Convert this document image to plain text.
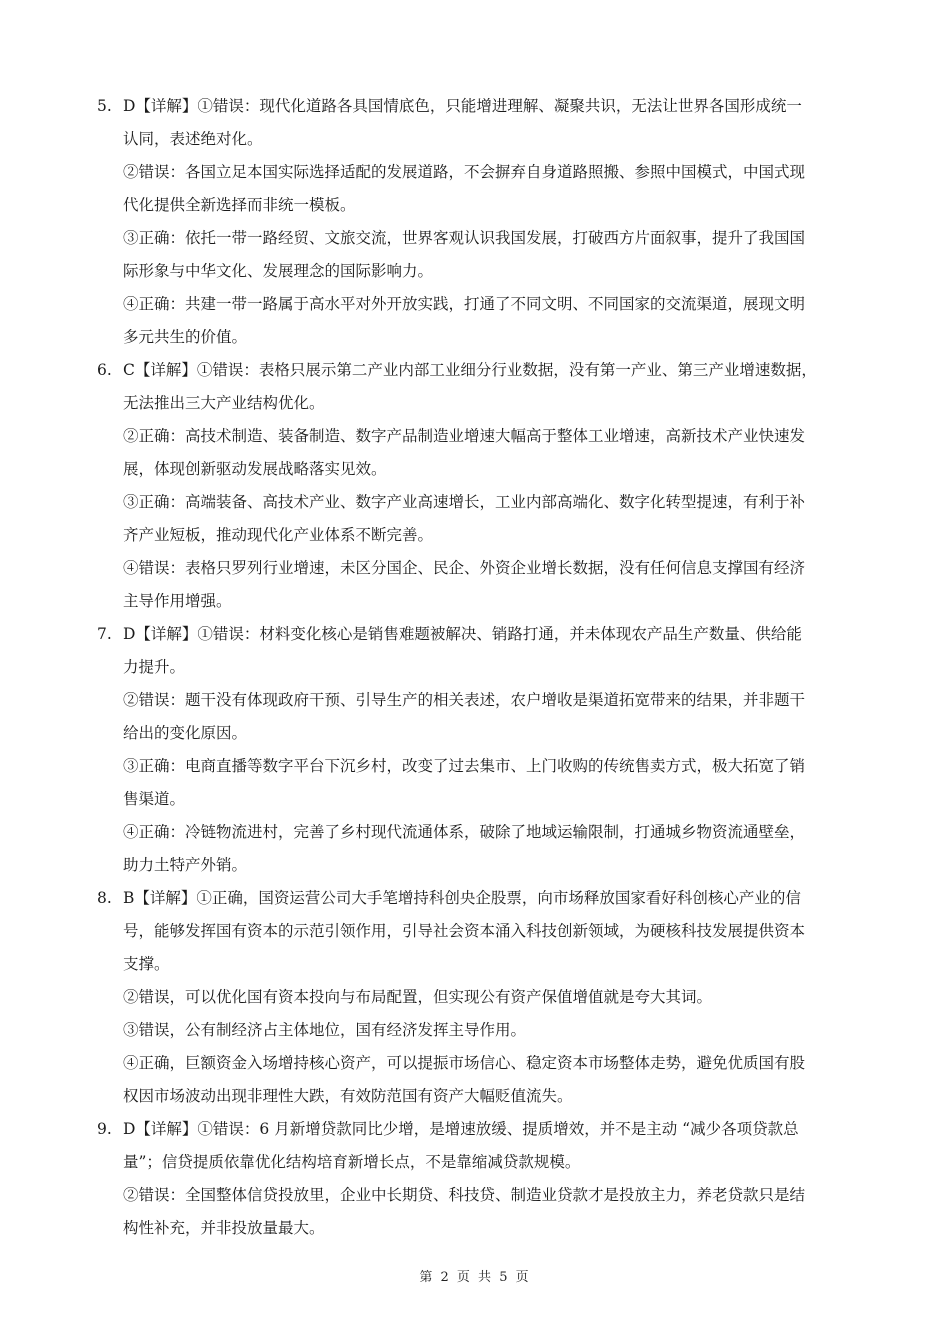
5. D【详解】①错误：现代化道路各具国情底色，只能增进理解、凝聚共识，无法让世界各国形成统一

认同，表述绝对化。

②错误：各国立足本国实际选择适配的发展道路，不会摒弃自身道路照搬、参照中国模式，中国式现

代化提供全新选择而非统一模板。

③正确：依托一带一路经贸、文旅交流，世界客观认识我国发展，打破西方片面叙事，提升了我国国

际形象与中华文化、发展理念的国际影响力。

④正确：共建一带一路属于高水平对外开放实践，打通了不同文明、不同国家的交流渠道，展现文明

多元共生的价值。

6. C【详解】①错误：表格只展示第二产业内部工业细分行业数据，没有第一产业、第三产业增速数据，

无法推出三大产业结构优化。

②正确：高技术制造、装备制造、数字产品制造业增速大幅高于整体工业增速，高新技术产业快速发

展，体现创新驱动发展战略落实见效。

③正确：高端装备、高技术产业、数字产业高速增长，工业内部高端化、数字化转型提速，有利于补

齐产业短板，推动现代化产业体系不断完善。

④错误：表格只罗列行业增速，未区分国企、民企、外资企业增长数据，没有任何信息支撑国有经济

主导作用增强。

7. D【详解】①错误：材料变化核心是销售难题被解决、销路打通，并未体现农产品生产数量、供给能

力提升。

②错误：题干没有体现政府干预、引导生产的相关表述，农户增收是渠道拓宽带来的结果，并非题干

给出的变化原因。

③正确：电商直播等数字平台下沉乡村，改变了过去集市、上门收购的传统售卖方式，极大拓宽了销

售渠道。

④正确：冷链物流进村，完善了乡村现代流通体系，破除了地域运输限制，打通城乡物资流通壁垒，

助力土特产外销。

8. B【详解】①正确，国资运营公司大手笔增持科创央企股票，向市场释放国家看好科创核心产业的信

号，能够发挥国有资本的示范引领作用，引导社会资本涌入科技创新领域，为硬核科技发展提供资本

支撑。

②错误，可以优化国有资本投向与布局配置，但实现公有资产保值增值就是夸大其词。

③错误，公有制经济占主体地位，国有经济发挥主导作用。

④正确，巨额资金入场增持核心资产，可以提振市场信心、稳定资本市场整体走势，避免优质国有股

权因市场波动出现非理性大跌，有效防范国有资产大幅贬值流失。

9. D【详解】①错误：6 月新增贷款同比少增，是增速放缓、提质增效，并不是主动 “减少各项贷款总

量”；信贷提质依靠优化结构培育新增长点，不是靠缩减贷款规模。

②错误：全国整体信贷投放里，企业中长期贷、科技贷、制造业贷款才是投放主力，养老贷款只是结

构性补充，并非投放量最大。

第 2 页 共 5 页
